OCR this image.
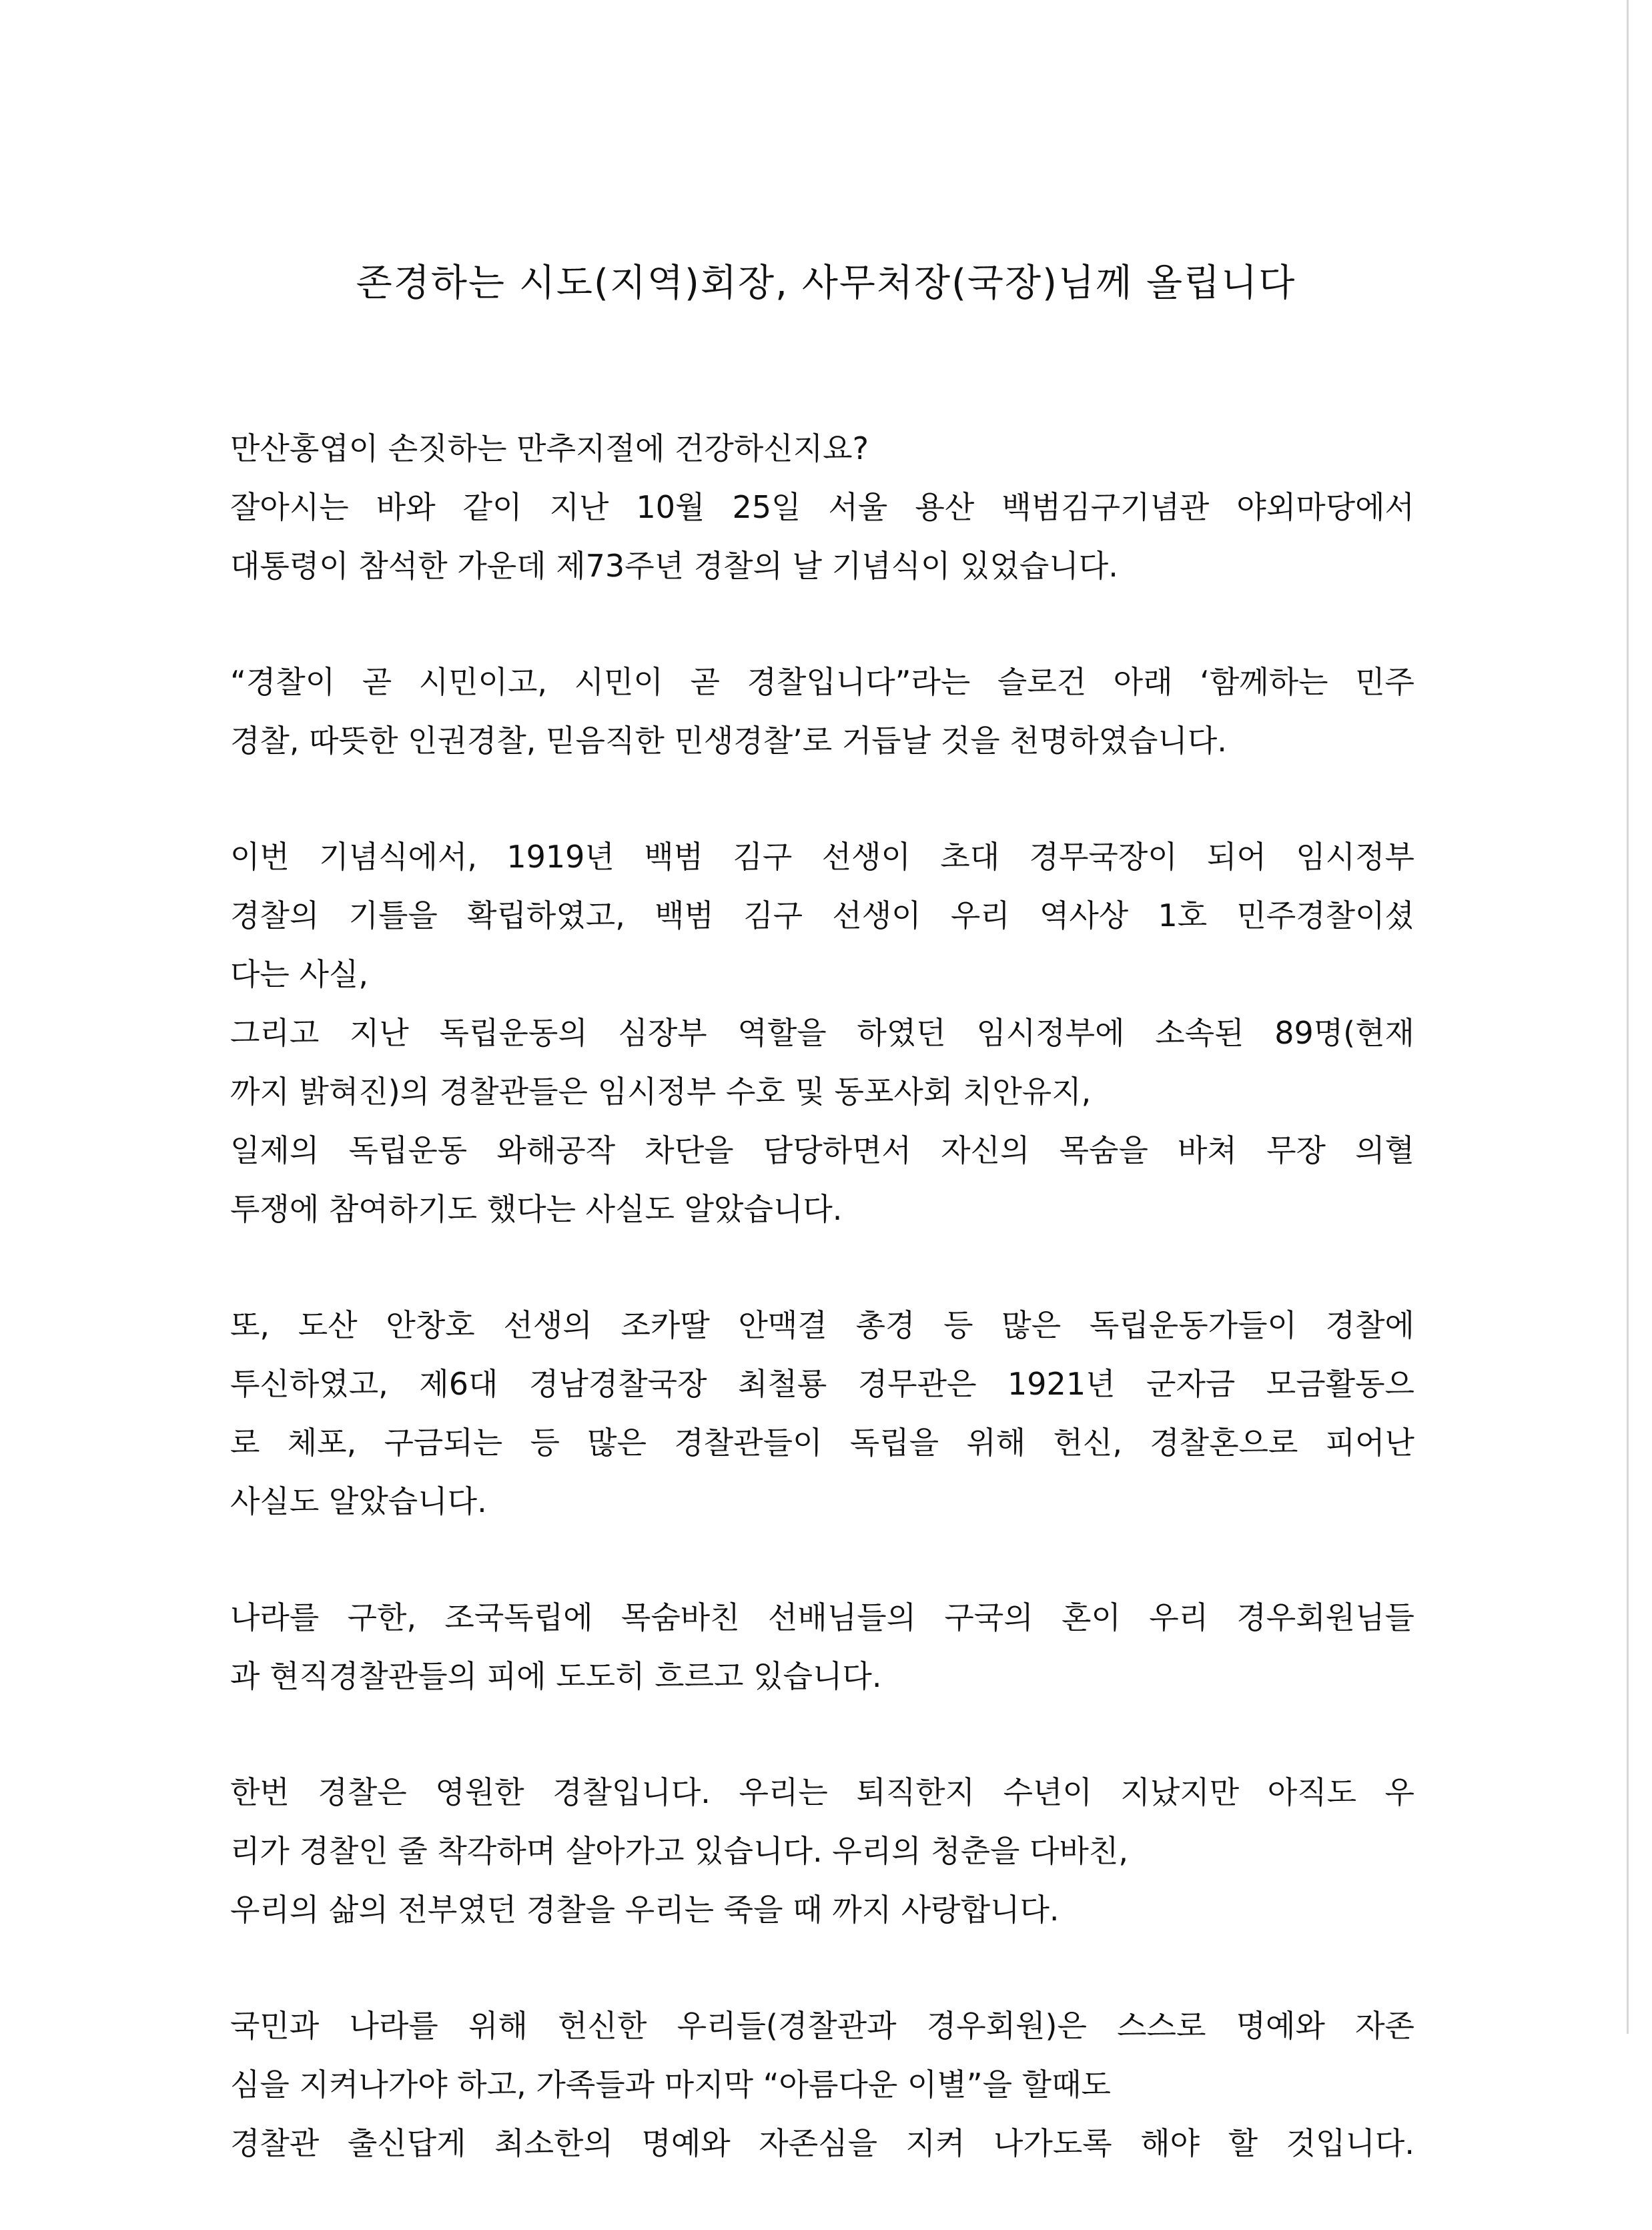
존경하는 시도(지역)회장, 사무처장(국장)님께 올립니다
만산홍엽이 손짓하는 만추지절에 건강하신지요?
잘아시는 바와 같이 지난 10월 25일 서울 용산 백범김구기념관 야외마당에서
대통령이 참석한 가운데 제73주년 경찰의 날 기념식이 있었습니다.
“경찰이 곧 시민이고, 시민이 곧 경찰입니다”라는 슬로건 아래 ‘함께하는 민주
경찰, 따뜻한 인권경찰, 믿음직한 민생경찰’로 거듭날 것을 천명하였습니다.
이번 기념식에서, 1919년 백범 김구 선생이 초대 경무국장이 되어 임시정부
경찰의 기틀을 확립하였고, 백범 김구 선생이 우리 역사상 1호 민주경찰이셨
다는 사실,
그리고 지난 독립운동의 심장부 역할을 하였던 임시정부에 소속된 89명(현재
까지 밝혀진)의 경찰관들은 임시정부 수호 및 동포사회 치안유지,
일제의 독립운동 와해공작 차단을 담당하면서 자신의 목숨을 바쳐 무장 의혈
투쟁에 참여하기도 했다는 사실도 알았습니다.
또, 도산 안창호 선생의 조카딸 안맥결 총경 등 많은 독립운동가들이 경찰에
투신하였고, 제6대 경남경찰국장 최철룡 경무관은 1921년 군자금 모금활동으
로 체포, 구금되는 등 많은 경찰관들이 독립을 위해 헌신, 경찰혼으로 피어난
사실도 알았습니다.
나라를 구한, 조국독립에 목숨바친 선배님들의 구국의 혼이 우리 경우회원님들
과 현직경찰관들의 피에 도도히 흐르고 있습니다.
한번 경찰은 영원한 경찰입니다. 우리는 퇴직한지 수년이 지났지만 아직도 우
리가 경찰인 줄 착각하며 살아가고 있습니다. 우리의 청춘을 다바친,
우리의 삶의 전부였던 경찰을 우리는 죽을 때 까지 사랑합니다.
국민과 나라를 위해 헌신한 우리들(경찰관과 경우회원)은 스스로 명예와 자존
심을 지켜나가야 하고, 가족들과 마지막 “아름다운 이별”을 할때도
경찰관 출신답게 최소한의 명예와 자존심을 지켜 나가도록 해야 할 것입니다.
